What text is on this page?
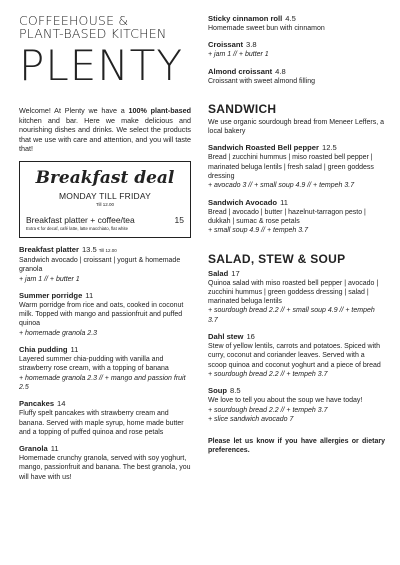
COFFEEHOUSE &
PLANT-BASED KITCHEN
PLENTY
Welcome! At Plenty we have a 100% plant-based kitchen and bar. Here we make delicious and nourishing dishes and drinks. We select the products that we use with care and attention, and you will taste that!
Breakfast deal
MONDAY TILL FRIDAY
Till 12.00
Breakfast platter + coffee/tea	15
Extra € for decaf, café latte, latte macchiato, flat white
Breakfast platter 13.5 Till 12.00
Sandwich avocado | croissant | yogurt & homemade granola
+ jam 1 // + butter 1
Summer porridge 11
Warm porridge from rice and oats, cooked in coconut milk. Topped with mango and passionfruit and puffed quinoa
+ homemade granola 2.3
Chia pudding 11
Layered summer chia-pudding with vanilla and strawberry rose cream, with a topping of banana
+ homemade granola 2.3 // + mango and passion fruit 2.5
Pancakes 14
Fluffy spelt pancakes with strawberry cream and banana. Served with maple syrup, home made butter and a topping of puffed quinoa and rose petals
Granola 11
Homemade crunchy granola, served with soy yoghurt, mango, passionfruit and banana. The best granola, you will have with us!
Sticky cinnamon roll 4.5
Homemade sweet bun with cinnamon
Croissant 3.8
+ jam 1 // + butter 1
Almond croissant 4.8
Croissant with sweet almond filling
SANDWICH
We use organic sourdough bread from Meneer Leffers, a local bakery
Sandwich Roasted Bell pepper 12.5
Bread | zucchini hummus | miso roasted bell pepper | marinated beluga lentils | fresh salad | green goddess dressing
+ avocado 3 // + small soup 4.9 // + tempeh 3.7
Sandwich Avocado 11
Bread | avocado | butter | hazelnut-tarragon pesto | dukkah | sumac & rose petals
+ small soup 4.9 // + tempeh 3.7
SALAD, STEW & SOUP
Salad 17
Quinoa salad with miso roasted bell pepper | avocado | zucchini hummus | green goddess dressing | salad | marinated beluga lentils
+ sourdough bread 2.2 // + small soup 4.9 // + tempeh 3.7
Dahl stew 16
Stew of yellow lentils, carrots and potatoes. Spiced with curry, coconut and coriander leaves. Served with a scoop quinoa and coconut yoghurt and a piece of bread
+ sourdough bread 2.2 // + tempeh 3.7
Soup 8.5
We love to tell you about the soup we have today!
+ sourdough bread 2.2 // + tempeh 3.7
+ slice sandwich avocado 7
Please let us know if you have allergies or dietary preferences.
